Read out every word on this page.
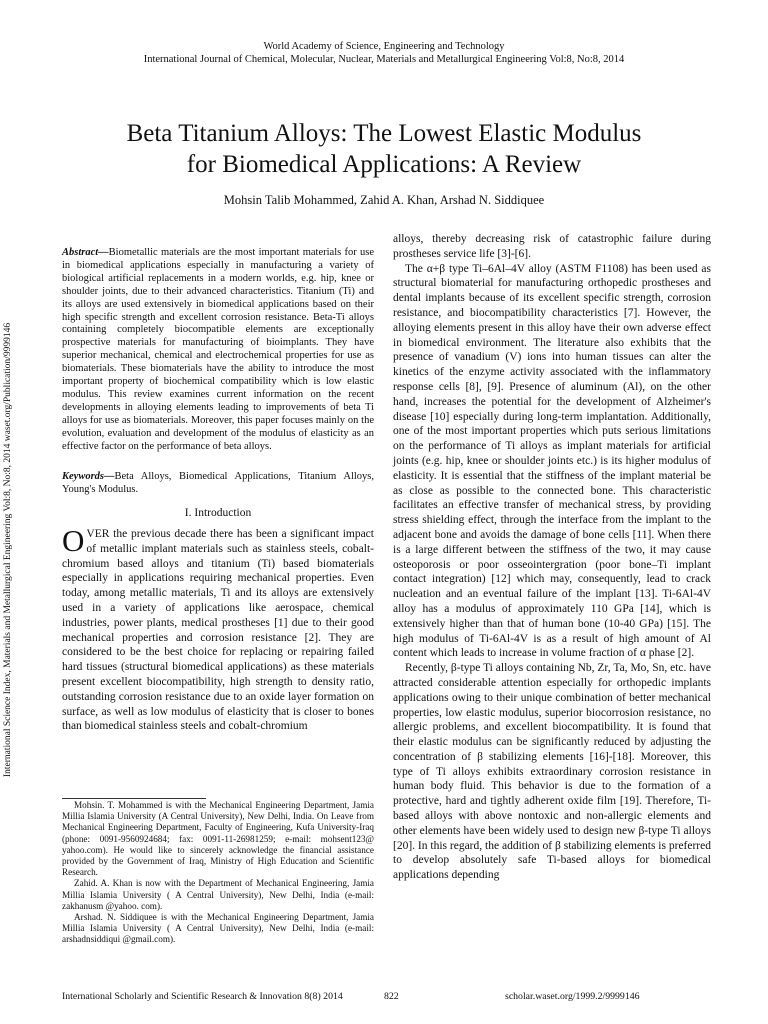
World Academy of Science, Engineering and Technology
International Journal of Chemical, Molecular, Nuclear, Materials and Metallurgical Engineering Vol:8, No:8, 2014
Beta Titanium Alloys: The Lowest Elastic Modulus
for Biomedical Applications: A Review
Mohsin Talib Mohammed, Zahid A. Khan, Arshad N. Siddiquee
International Science Index, Materials and Metallurgical Engineering Vol:8, No:8, 2014 waset.org/Publication/9999146
Abstract—Biometallic materials are the most important materials for use in biomedical applications especially in manufacturing a variety of biological artificial replacements in a modern worlds, e.g. hip, knee or shoulder joints, due to their advanced characteristics. Titanium (Ti) and its alloys are used extensively in biomedical applications based on their high specific strength and excellent corrosion resistance. Beta-Ti alloys containing completely biocompatible elements are exceptionally prospective materials for manufacturing of bioimplants. They have superior mechanical, chemical and electrochemical properties for use as biomaterials. These biomaterials have the ability to introduce the most important property of biochemical compatibility which is low elastic modulus. This review examines current information on the recent developments in alloying elements leading to improvements of beta Ti alloys for use as biomaterials. Moreover, this paper focuses mainly on the evolution, evaluation and development of the modulus of elasticity as an effective factor on the performance of beta alloys.
Keywords—Beta Alloys, Biomedical Applications, Titanium Alloys, Young's Modulus.
I. Introduction
OVER the previous decade there has been a significant impact of metallic implant materials such as stainless steels, cobalt-chromium based alloys and titanium (Ti) based biomaterials especially in applications requiring mechanical properties. Even today, among metallic materials, Ti and its alloys are extensively used in a variety of applications like aerospace, chemical industries, power plants, medical prostheses [1] due to their good mechanical properties and corrosion resistance [2]. They are considered to be the best choice for replacing or repairing failed hard tissues (structural biomedical applications) as these materials present excellent biocompatibility, high strength to density ratio, outstanding corrosion resistance due to an oxide layer formation on surface, as well as low modulus of elasticity that is closer to bones than biomedical stainless steels and cobalt-chromium

Mohsin. T. Mohammed is with the Mechanical Engineering Department, Jamia Millia Islamia University (A Central University), New Delhi, India. On Leave from Mechanical Engineering Department, Faculty of Engineering, Kufa University-Iraq (phone: 0091-9560924684; fax: 0091-11-26981259; e-mail: mohsent123@ yahoo.com). He would like to sincerely acknowledge the financial assistance provided by the Government of Iraq, Ministry of High Education and Scientific Research.

Zahid. A. Khan is now with the Department of Mechanical Engineering, Jamia Millia Islamia University ( A Central University), New Delhi, India (e-mail: zakhanusm @yahoo. com).

Arshad. N. Siddiquee is with the Mechanical Engineering Department, Jamia Millia Islamia University ( A Central University), New Delhi, India (e-mail: arshadnsiddiqui @gmail.com).

alloys, thereby decreasing risk of catastrophic failure during prostheses service life [3]-[6].

The α+β type Ti–6Al–4V alloy (ASTM F1108) has been used as structural biomaterial for manufacturing orthopedic prostheses and dental implants because of its excellent specific strength, corrosion resistance, and biocompatibility characteristics [7]. However, the alloying elements present in this alloy have their own adverse effect in biomedical environment. The literature also exhibits that the presence of vanadium (V) ions into human tissues can alter the kinetics of the enzyme activity associated with the inflammatory response cells [8], [9]. Presence of aluminum (Al), on the other hand, increases the potential for the development of Alzheimer's disease [10] especially during long-term implantation. Additionally, one of the most important properties which puts serious limitations on the performance of Ti alloys as implant materials for artificial joints (e.g. hip, knee or shoulder joints etc.) is its higher modulus of elasticity. It is essential that the stiffness of the implant material be as close as possible to the connected bone. This characteristic facilitates an effective transfer of mechanical stress, by providing stress shielding effect, through the interface from the implant to the adjacent bone and avoids the damage of bone cells [11]. When there is a large different between the stiffness of the two, it may cause osteoporosis or poor osseointergration (poor bone–Ti implant contact integration) [12] which may, consequently, lead to crack nucleation and an eventual failure of the implant [13]. Ti-6Al-4V alloy has a modulus of approximately 110 GPa [14], which is extensively higher than that of human bone (10-40 GPa) [15]. The high modulus of Ti-6Al-4V is as a result of high amount of Al content which leads to increase in volume fraction of α phase [2].

Recently, β-type Ti alloys containing Nb, Zr, Ta, Mo, Sn, etc. have attracted considerable attention especially for orthopedic implants applications owing to their unique combination of better mechanical properties, low elastic modulus, superior biocorrosion resistance, no allergic problems, and excellent biocompatibility. It is found that their elastic modulus can be significantly reduced by adjusting the concentration of β stabilizing elements [16]-[18]. Moreover, this type of Ti alloys exhibits extraordinary corrosion resistance in human body fluid. This behavior is due to the formation of a protective, hard and tightly adherent oxide film [19]. Therefore, Ti-based alloys with above nontoxic and non-allergic elements and other elements have been widely used to design new β-type Ti alloys [20]. In this regard, the addition of β stabilizing elements is preferred to develop absolutely safe Ti-based alloys for biomedical applications depending

International Scholarly and Scientific Research & Innovation 8(8) 2014	822	scholar.waset.org/1999.2/9999146
